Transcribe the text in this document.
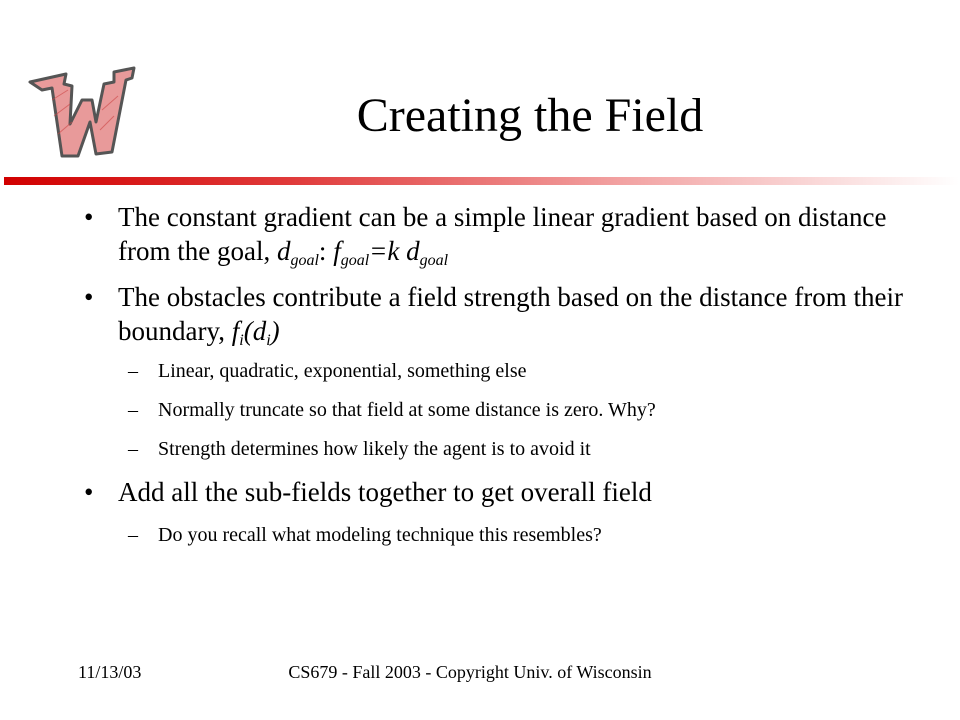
Creating the Field
• The constant gradient can be a simple linear gradient based on distance from the goal, $d_{goal}$: $f_{goal}=k$ $d_{goal}$
• The obstacles contribute a field strength based on the distance from their boundary, $f_i(d_i)$
– Linear, quadratic, exponential, something else
– Normally truncate so that field at some distance is zero. Why?
– Strength determines how likely the agent is to avoid it
• Add all the sub-fields together to get overall field
– Do you recall what modeling technique this resembles?
11/13/03	CS679 - Fall 2003 - Copyright Univ. of Wisconsin
